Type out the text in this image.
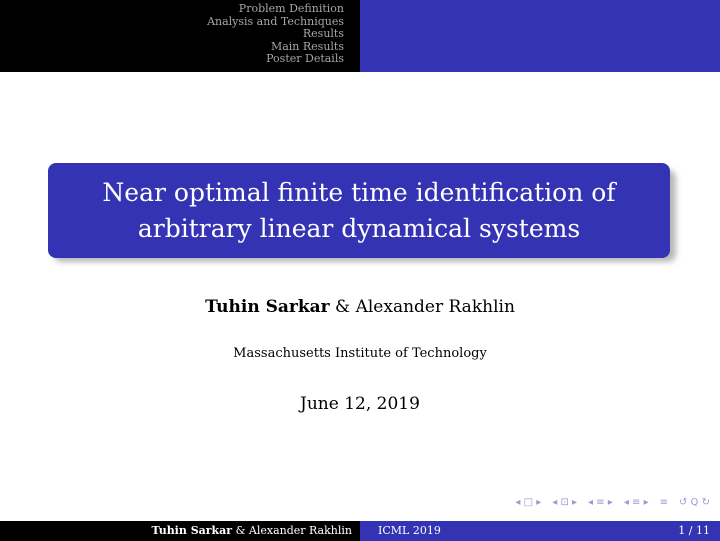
Problem Definition
Analysis and Techniques
Results
Main Results
Poster Details
Near optimal finite time identification of
arbitrary linear dynamical systems
Tuhin Sarkar & Alexander Rakhlin
Massachusetts Institute of Technology
June 12, 2019
◂ □ ▸ ◂ ⊡ ▸ ◂ ≡ ▸ ◂ ≡ ▸ ≡ ↺ Q ↻
Tuhin Sarkar & Alexander Rakhlin	ICML 2019	1 / 11
